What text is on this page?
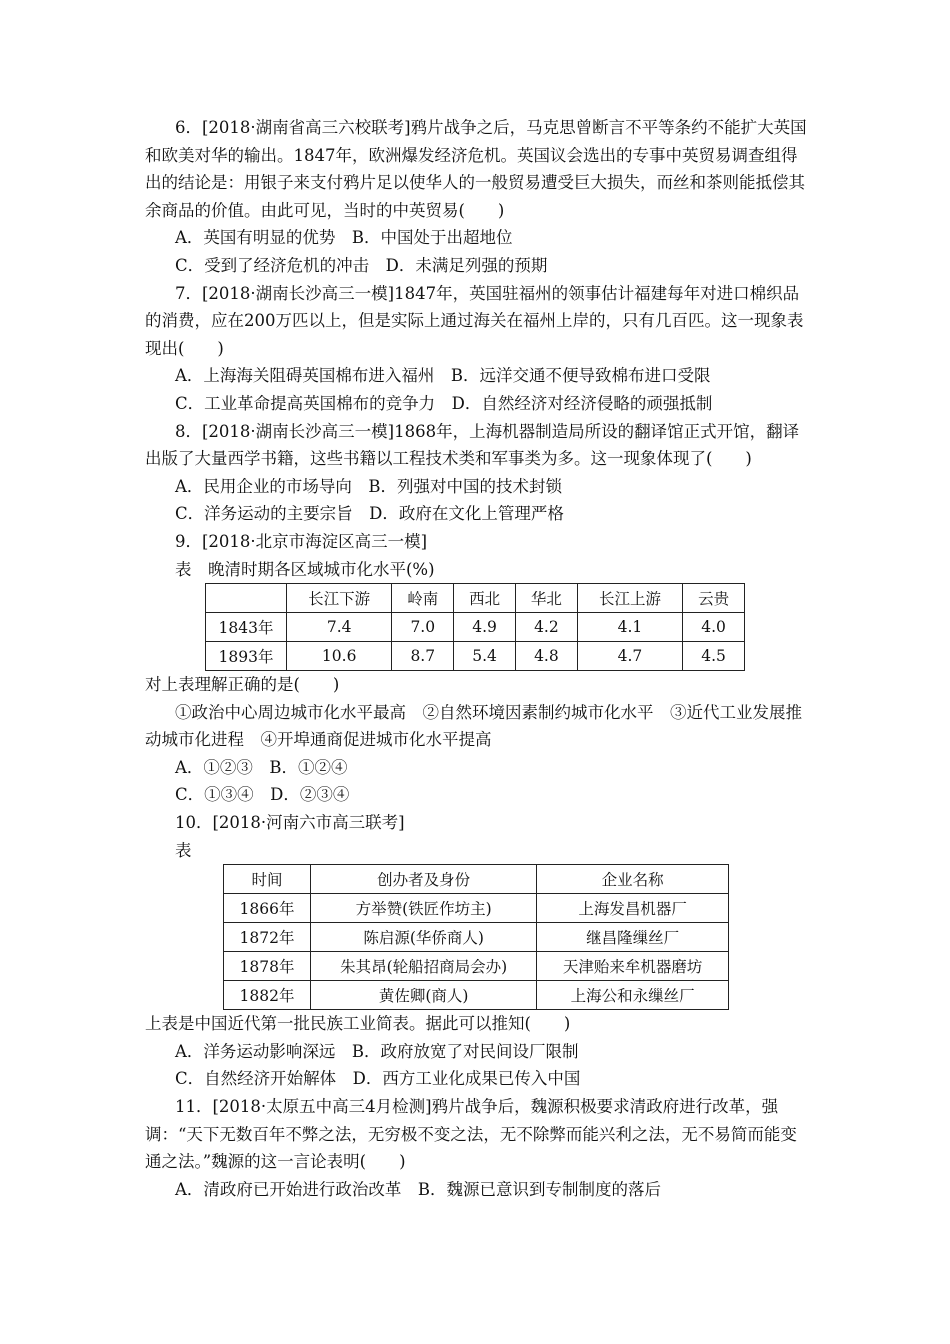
6．[2018·湖南省高三六校联考]鸦片战争之后，马克思曾断言不平等条约不能扩大英国和欧美对华的输出。1847年，欧洲爆发经济危机。英国议会选出的专事中英贸易调查组得出的结论是：用银子来支付鸦片足以使华人的一般贸易遭受巨大损失，而丝和茶则能抵偿其余商品的价值。由此可见，当时的中英贸易(　　)

A．英国有明显的优势　B．中国处于出超地位

C．受到了经济危机的冲击　D．未满足列强的预期

7．[2018·湖南长沙高三一模]1847年，英国驻福州的领事估计福建每年对进口棉织品的消费，应在200万匹以上，但是实际上通过海关在福州上岸的，只有几百匹。这一现象表现出(　　)

A．上海海关阻碍英国棉布进入福州　B．远洋交通不便导致棉布进口受限

C．工业革命提高英国棉布的竞争力　D．自然经济对经济侵略的顽强抵制

8．[2018·湖南长沙高三一模]1868年，上海机器制造局所设的翻译馆正式开馆，翻译出版了大量西学书籍，这些书籍以工程技术类和军事类为多。这一现象体现了(　　)

A．民用企业的市场导向　B．列强对中国的技术封锁

C．洋务运动的主要宗旨　D．政府在文化上管理严格

9．[2018·北京市海淀区高三一模]

表　晚清时期各区域城市化水平(%)

	长江下游	岭南	西北	华北	长江上游	云贵
1843年	7.4	7.0	4.9	4.2	4.1	4.0
1893年	10.6	8.7	5.4	4.8	4.7	4.5

对上表理解正确的是(　　)

①政治中心周边城市化水平最高　②自然环境因素制约城市化水平　③近代工业发展推动城市化进程　④开埠通商促进城市化水平提高

A．①②③　B．①②④

C．①③④　D．②③④

10．[2018·河南六市高三联考]

表

时间	创办者及身份	企业名称
1866年	方举赞(铁匠作坊主)	上海发昌机器厂
1872年	陈启源(华侨商人)	继昌隆缫丝厂
1878年	朱其昂(轮船招商局会办)	天津贻来牟机器磨坊
1882年	黄佐卿(商人)	上海公和永缫丝厂

上表是中国近代第一批民族工业简表。据此可以推知(　　)

A．洋务运动影响深远　B．政府放宽了对民间设厂限制

C．自然经济开始解体　D．西方工业化成果已传入中国

11．[2018·太原五中高三4月检测]鸦片战争后，魏源积极要求清政府进行改革，强调：“天下无数百年不弊之法，无穷极不变之法，无不除弊而能兴利之法，无不易简而能变通之法。”魏源的这一言论表明(　　)

A．清政府已开始进行政治改革　B．魏源已意识到专制制度的落后
